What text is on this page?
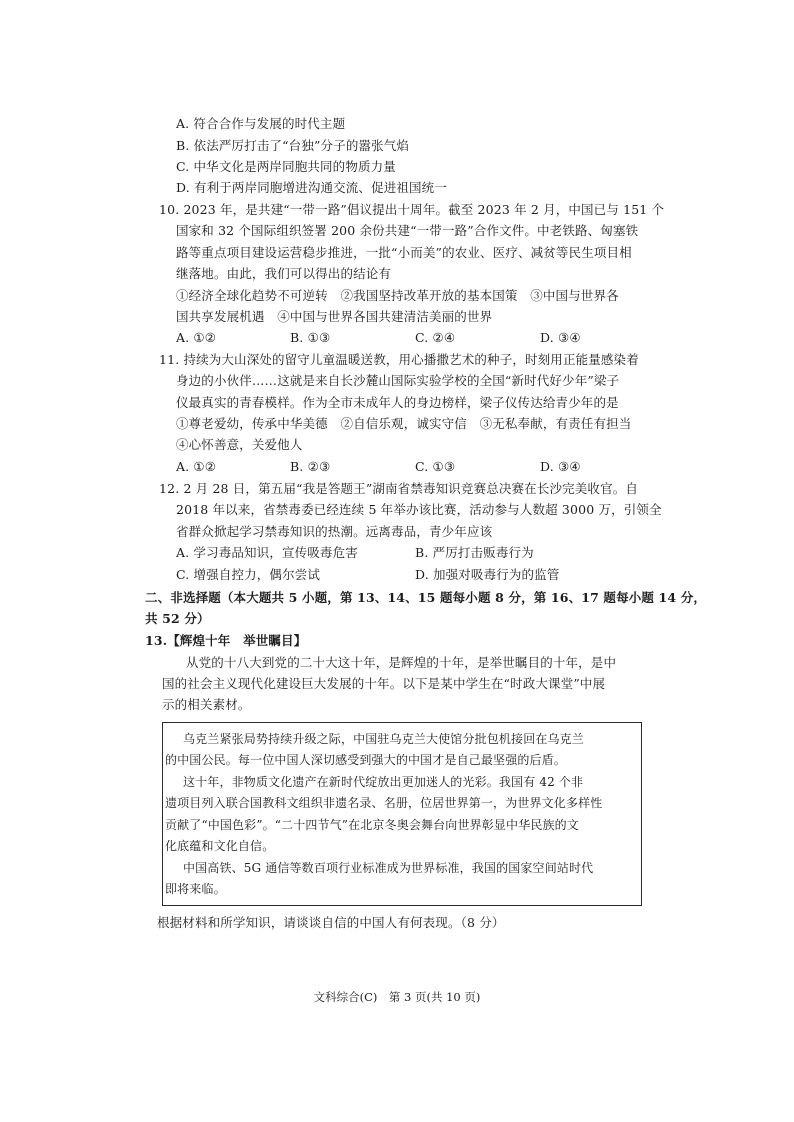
A. 符合合作与发展的时代主题
B. 依法严厉打击了“台独”分子的嚣张气焰
C. 中华文化是两岸同胞共同的物质力量
D. 有利于两岸同胞增进沟通交流、促进祖国统一
10. 2023 年，是共建“一带一路”倡议提出十周年。截至 2023 年 2 月，中国已与 151 个
国家和 32 个国际组织签署 200 余份共建“一带一路”合作文件。中老铁路、匈塞铁
路等重点项目建设运营稳步推进，一批“小而美”的农业、医疗、减贫等民生项目相
继落地。由此，我们可以得出的结论有
①经济全球化趋势不可逆转　②我国坚持改革开放的基本国策　③中国与世界各
国共享发展机遇　④中国与世界各国共建清洁美丽的世界
A. ①②	B. ①③	C. ②④	D. ③④
11. 持续为大山深处的留守儿童温暖送教，用心播撒艺术的种子，时刻用正能量感染着
身边的小伙伴……这就是来自长沙麓山国际实验学校的全国“新时代好少年”梁子
仪最真实的青春模样。作为全市未成年人的身边榜样，梁子仪传达给青少年的是
①尊老爱幼，传承中华美德　②自信乐观，诚实守信　③无私奉献，有责任有担当
④心怀善意，关爱他人
A. ①②	B. ②③	C. ①③	D. ③④
12. 2 月 28 日，第五届“我是答题王”湖南省禁毒知识竞赛总决赛在长沙完美收官。自
2018 年以来，省禁毒委已经连续 5 年举办该比赛，活动参与人数超 3000 万，引领全
省群众掀起学习禁毒知识的热潮。远离毒品，青少年应该
A. 学习毒品知识，宣传吸毒危害	B. 严厉打击贩毒行为
C. 增强自控力，偶尔尝试	D. 加强对吸毒行为的监管
二、非选择题（本大题共 5 小题，第 13、14、15 题每小题 8 分，第 16、17 题每小题 14 分，
共 52 分）
13.【辉煌十年　举世瞩目】
从党的十八大到党的二十大这十年，是辉煌的十年，是举世瞩目的十年，是中
国的社会主义现代化建设巨大发展的十年。以下是某中学生在“时政大课堂”中展
示的相关素材。
乌克兰紧张局势持续升级之际，中国驻乌克兰大使馆分批包机接回在乌克兰
的中国公民。每一位中国人深切感受到强大的中国才是自己最坚强的后盾。
这十年，非物质文化遗产在新时代绽放出更加迷人的光彩。我国有 42 个非
遗项目列入联合国教科文组织非遗名录、名册，位居世界第一，为世界文化多样性
贡献了“中国色彩”。“二十四节气”在北京冬奥会舞台向世界彰显中华民族的文
化底蕴和文化自信。
中国高铁、5G 通信等数百项行业标准成为世界标准，我国的国家空间站时代
即将来临。
根据材料和所学知识，请谈谈自信的中国人有何表现。（8 分）
文科综合(C)　第 3 页(共 10 页)
